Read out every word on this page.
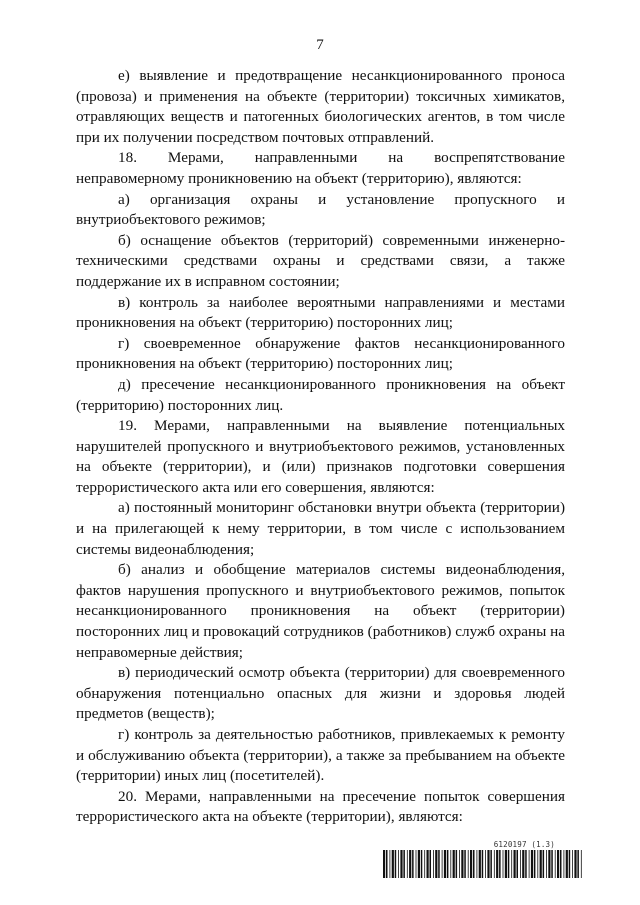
7

е) выявление и предотвращение несанкционированного проноса (провоза) и применения на объекте (территории) токсичных химикатов, отравляющих веществ и патогенных биологических агентов, в том числе при их получении посредством почтовых отправлений.

18. Мерами, направленными на воспрепятствование неправомерному проникновению на объект (территорию), являются:

а) организация охраны и установление пропускного и внутриобъектового режимов;

б) оснащение объектов (территорий) современными инженерно-техническими средствами охраны и средствами связи, а также поддержание их в исправном состоянии;

в) контроль за наиболее вероятными направлениями и местами проникновения на объект (территорию) посторонних лиц;

г) своевременное обнаружение фактов несанкционированного проникновения на объект (территорию) посторонних лиц;

д) пресечение несанкционированного проникновения на объект (территорию) посторонних лиц.

19. Мерами, направленными на выявление потенциальных нарушителей пропускного и внутриобъектового режимов, установленных на объекте (территории), и (или) признаков подготовки совершения террористического акта или его совершения, являются:

а) постоянный мониторинг обстановки внутри объекта (территории) и на прилегающей к нему территории, в том числе с использованием системы видеонаблюдения;

б) анализ и обобщение материалов системы видеонаблюдения, фактов нарушения пропускного и внутриобъектового режимов, попыток несанкционированного проникновения на объект (территории) посторонних лиц и провокаций сотрудников (работников) служб охраны на неправомерные действия;

в) периодический осмотр объекта (территории) для своевременного обнаружения потенциально опасных для жизни и здоровья людей предметов (веществ);

г) контроль за деятельностью работников, привлекаемых к ремонту и обслуживанию объекта (территории), а также за пребыванием на объекте (территории) иных лиц (посетителей).

20. Мерами, направленными на пресечение попыток совершения террористического акта на объекте (территории), являются:

6120197 (1.3)
